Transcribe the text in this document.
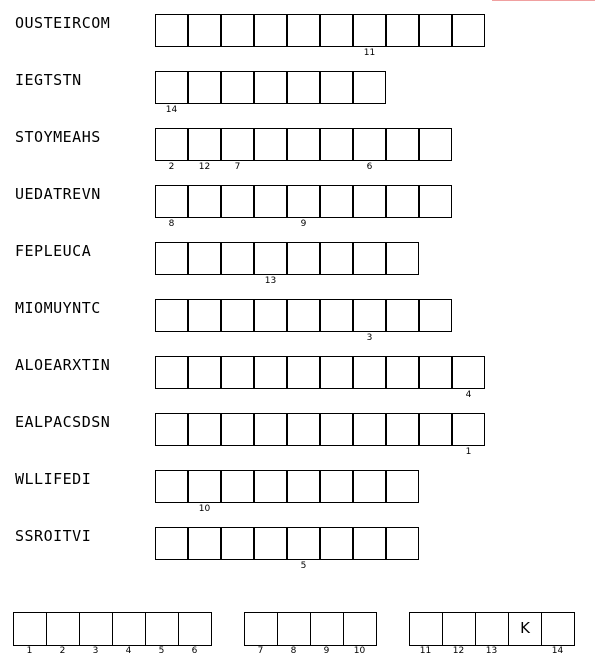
OUSTEIRCOM
11
IEGTSTN
14
STOYMEAHS
2	12	7	6
UEDATREVN
8	9
FEPLEUCA
13
MIOMUYNTC
3
ALOEARXTIN
4
EALPACSDSN
1
WLLIFEDI
10
SSROITVI
5
1	2	3	4	5	6	7	8	9	10	11	12	13
K
14
